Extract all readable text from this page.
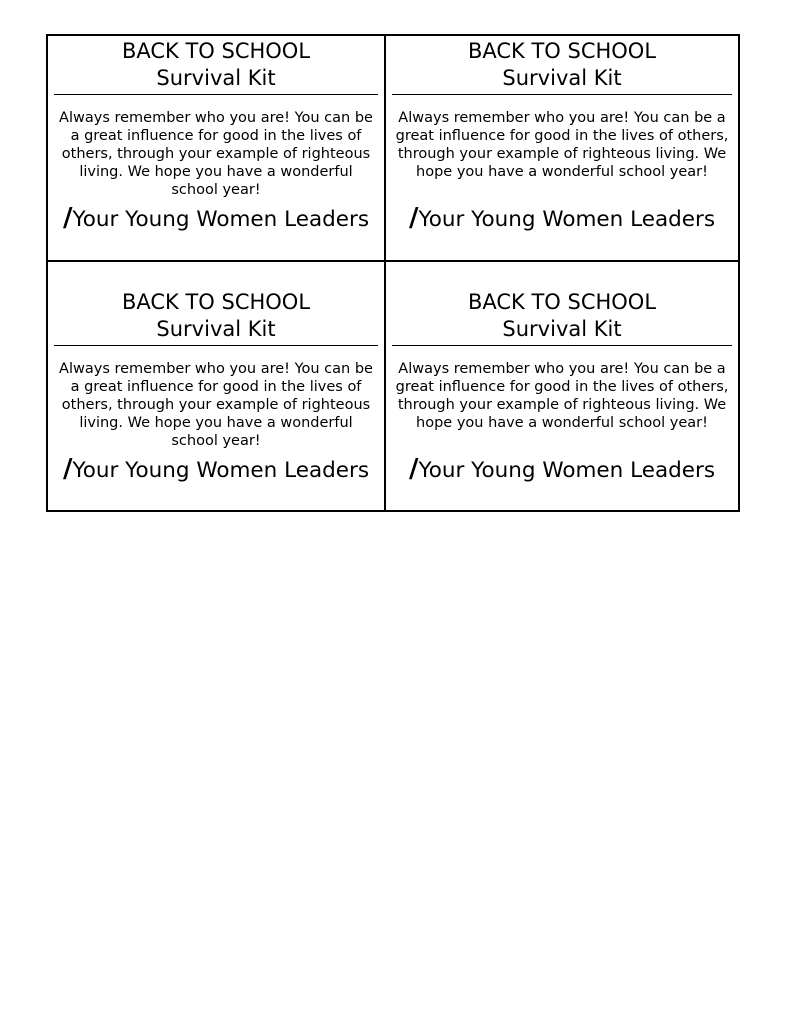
BACK TO SCHOOL
Survival Kit
Always remember who you are! You can be a great influence for good in the lives of others, through your example of righteous living. We hope you have a wonderful school year!
/Your Young Women Leaders
BACK TO SCHOOL
Survival Kit
Always remember who you are! You can be a great influence for good in the lives of others, through your example of righteous living. We hope you have a wonderful school year!
/Your Young Women Leaders
BACK TO SCHOOL
Survival Kit
Always remember who you are! You can be a great influence for good in the lives of others, through your example of righteous living. We hope you have a wonderful school year!
/Your Young Women Leaders
BACK TO SCHOOL
Survival Kit
Always remember who you are! You can be a great influence for good in the lives of others, through your example of righteous living. We hope you have a wonderful school year!
/Your Young Women Leaders
